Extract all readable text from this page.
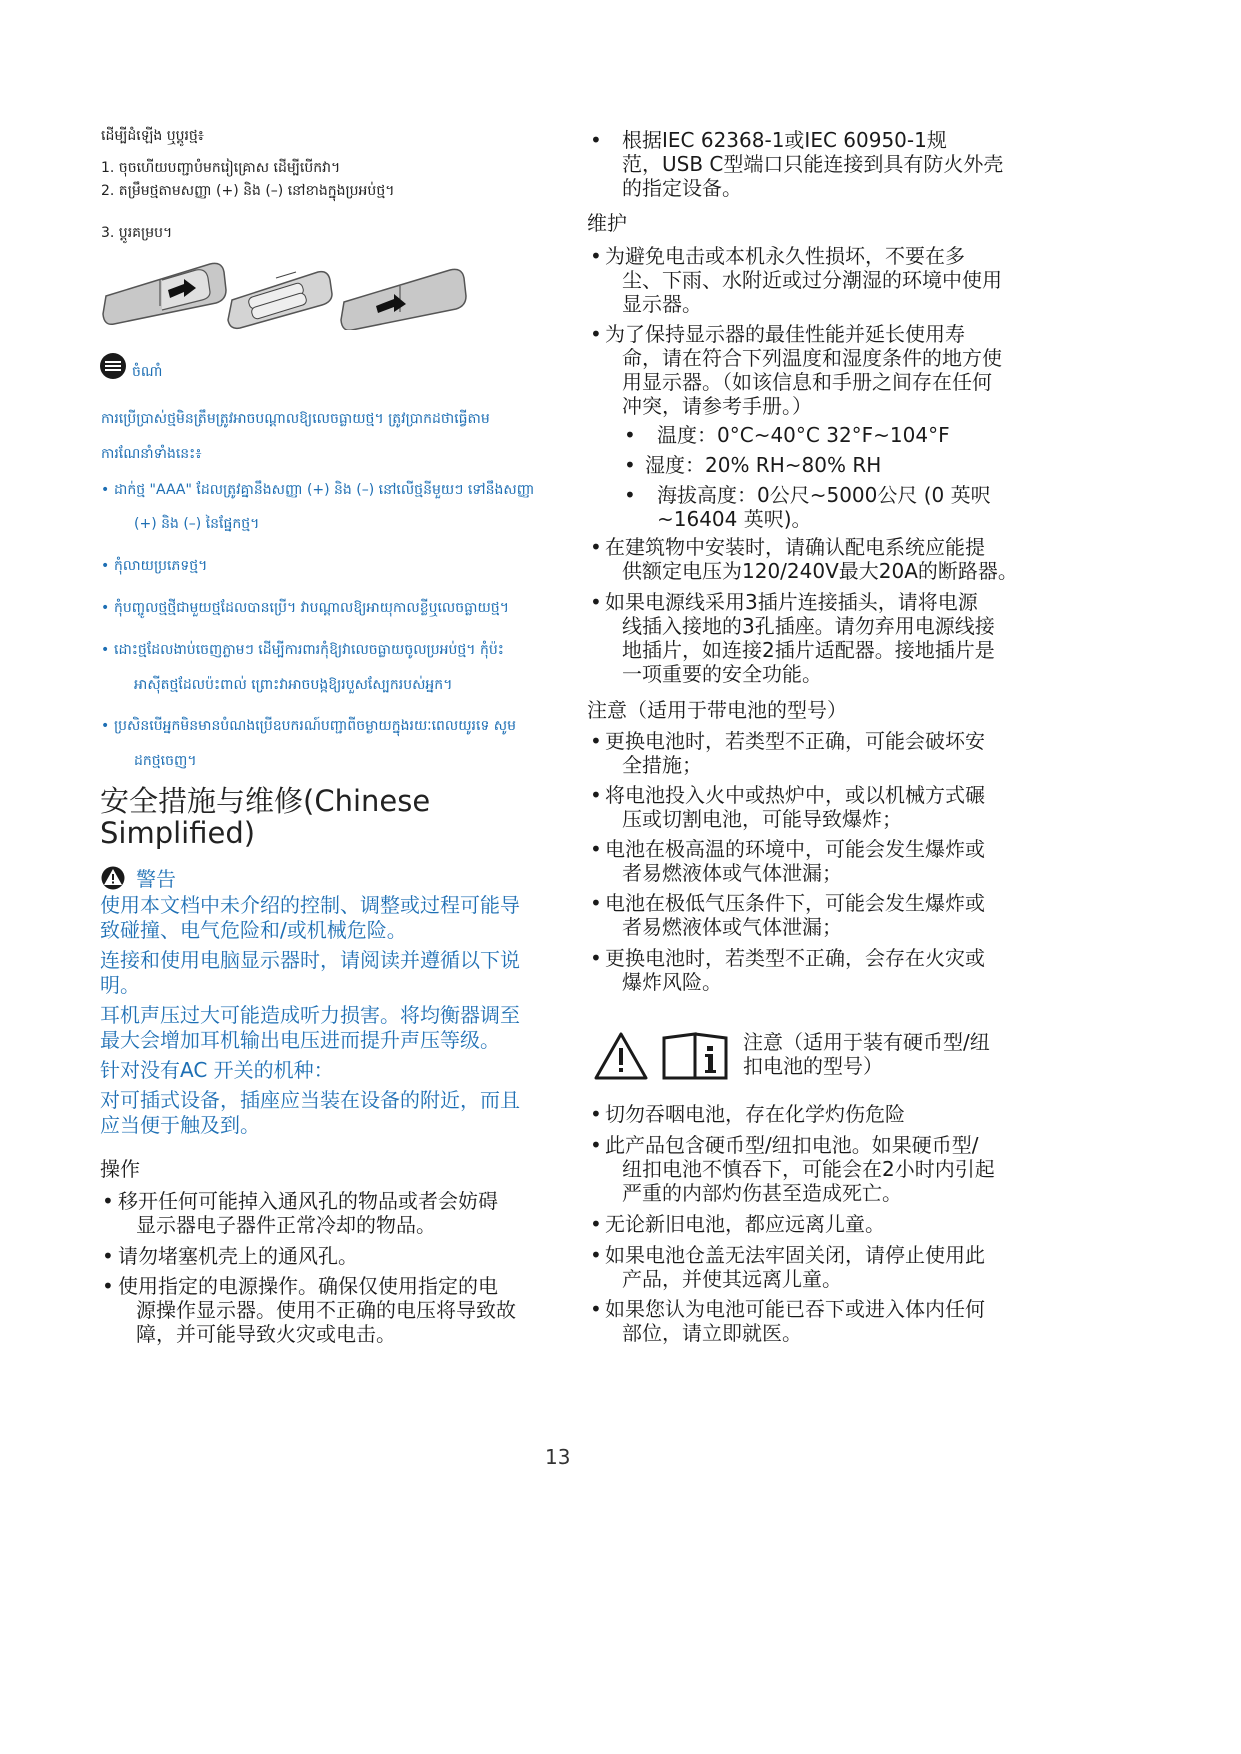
ដើម្បីដំឡើង ឬប្តូរថ្ម៖
1. ចុចហើយបញ្ជាបំមករៀគ្រោស ដើម្បីបើកវា។
2. តម្រឹមថ្មតាមសញ្ញា (+) និង (–) នៅខាងក្នុងប្រអប់ថ្ម។
3. ប្តូរគម្រប។
ចំណាំ
ការប្រើប្រាស់ថ្មមិនត្រឹមត្រូវអាចបណ្តាលឱ្យលេចធ្លាយថ្ម។ ត្រូវប្រាកដថាធ្វើតាម
ការណែនាំទាំងនេះ៖
• ដាក់ថ្ម "AAA" ដែលត្រូវគ្នានឹងសញ្ញា (+) និង (–) នៅលើថ្មនីមួយៗ ទៅនឹងសញ្ញា
(+) និង (–) នៃផ្នែកថ្ម។
• កុំលាយប្រភេទថ្ម។
• កុំបញ្ចូលថ្មថ្មីជាមួយថ្មដែលបានប្រើ។ វាបណ្តាលឱ្យអាយុកាលខ្លីឬលេចធ្លាយថ្ម។
• ដោះថ្មដែលងាប់ចេញភ្លាមៗ ដើម្បីការពារកុំឱ្យវាលេចធ្លាយចូលប្រអប់ថ្ម។ កុំប៉ះ
អាស៊ីតថ្មដែលប៉ះពាល់ ព្រោះវាអាចបង្កឱ្យរបួសស្បែករបស់អ្នក។
• ប្រសិនបើអ្នកមិនមានបំណងប្រើឧបករណ៍បញ្ជាពីចម្ងាយក្នុងរយៈពេលយូរទេ សូម
ដកថ្មចេញ។
安全措施与维修(Chinese
Simplified)
警告
使用本文档中未介绍的控制、调整或过程可能导
致碰撞、电气危险和/或机械危险。
连接和使用电脑显示器时，请阅读并遵循以下说
明。
耳机声压过大可能造成听力损害。将均衡器调至
最大会增加耳机输出电压进而提升声压等级。
针对没有AC 开关的机种：
对可插式设备，插座应当装在设备的附近，而且
应当便于触及到。
操作
• 移开任何可能掉入通风孔的物品或者会妨碍
显示器电子器件正常冷却的物品。
• 请勿堵塞机壳上的通风孔。
• 使用指定的电源操作。确保仅使用指定的电
源操作显示器。使用不正确的电压将导致故
障，并可能导致火灾或电击。
• 根据IEC 62368-1或IEC 60950-1规
范，USB C型端口只能连接到具有防火外壳
的指定设备。
维护
• 为避免电击或本机永久性损坏，不要在多
尘、下雨、水附近或过分潮湿的环境中使用
显示器。
• 为了保持显示器的最佳性能并延长使用寿
命，请在符合下列温度和湿度条件的地方使
用显示器。（如该信息和手册之间存在任何
冲突，请参考手册。）
• 温度：0°C~40°C 32°F~104°F
• 湿度：20% RH~80% RH
• 海拔高度：0公尺~5000公尺 (0 英呎
~16404 英呎)。
• 在建筑物中安装时，请确认配电系统应能提
供额定电压为120/240V最大20A的断路器。
• 如果电源线采用3插片连接插头，请将电源
线插入接地的3孔插座。请勿弃用电源线接
地插片，如连接2插片适配器。接地插片是
一项重要的安全功能。
注意（适用于带电池的型号）
• 更换电池时，若类型不正确，可能会破坏安
全措施；
• 将电池投入火中或热炉中，或以机械方式碾
压或切割电池，可能导致爆炸；
• 电池在极高温的环境中，可能会发生爆炸或
者易燃液体或气体泄漏；
• 电池在极低气压条件下，可能会发生爆炸或
者易燃液体或气体泄漏；
• 更换电池时，若类型不正确，会存在火灾或
爆炸风险。
注意（适用于装有硬币型/纽
扣电池的型号）
• 切勿吞咽电池，存在化学灼伤危险
• 此产品包含硬币型/纽扣电池。如果硬币型/
纽扣电池不慎吞下，可能会在2小时内引起
严重的内部灼伤甚至造成死亡。
• 无论新旧电池，都应远离儿童。
• 如果电池仓盖无法牢固关闭，请停止使用此
产品，并使其远离儿童。
• 如果您认为电池可能已吞下或进入体内任何
部位，请立即就医。
13
